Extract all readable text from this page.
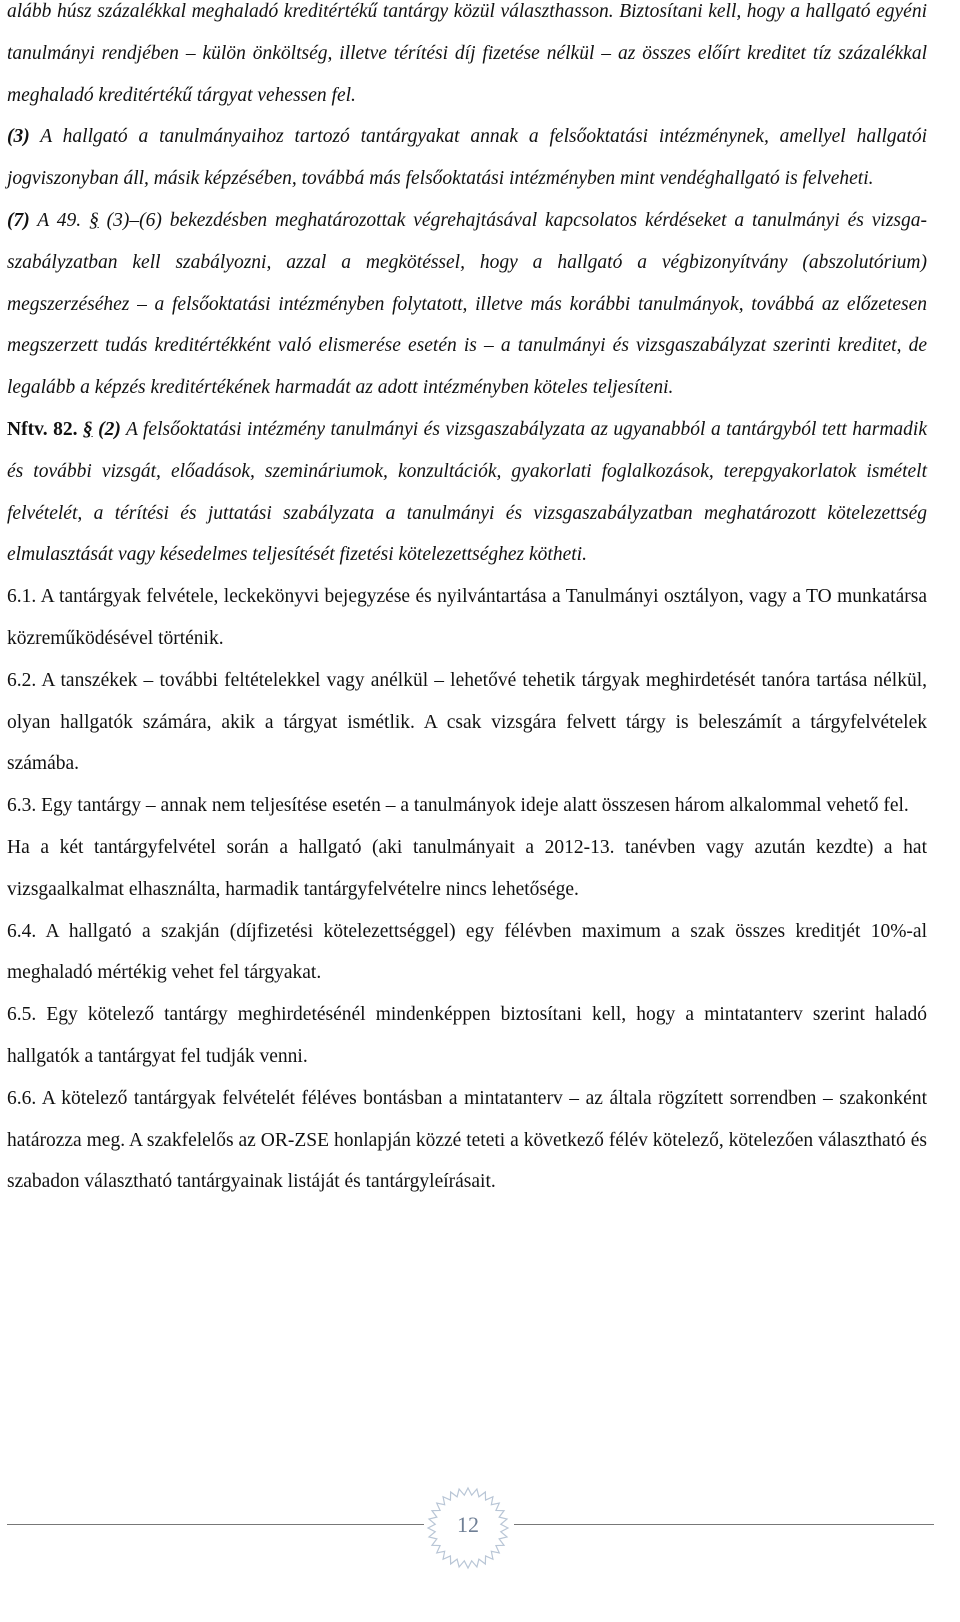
alább húsz százalékkal meghaladó kreditértékű tantárgy közül választhasson. Biztosítani kell, hogy a hallgató egyéni tanulmányi rendjében – külön önköltség, illetve térítési díj fizetése nélkül – az összes előírt kreditet tíz százalékkal meghaladó kreditértékű tárgyat vehessen fel.

(3) A hallgató a tanulmányaihoz tartozó tantárgyakat annak a felsőoktatási intézménynek, amellyel hallgatói jogviszonyban áll, másik képzésében, továbbá más felsőoktatási intézményben mint vendéghallgató is felveheti.

(7) A 49. § (3)–(6) bekezdésben meghatározottak végrehajtásával kapcsolatos kérdéseket a tanulmányi és vizsga-szabályzatban kell szabályozni, azzal a megkötéssel, hogy a hallgató a végbizonyítvány (abszolutórium) megszerzéséhez – a felsőoktatási intézményben folytatott, illetve más korábbi tanulmányok, továbbá az előzetesen megszerzett tudás kreditértékként való elismerése esetén is – a tanulmányi és vizsgaszabályzat szerinti kreditet, de legalább a képzés kreditértékének harmadát az adott intézményben köteles teljesíteni.

Nftv. 82. § (2) A felsőoktatási intézmény tanulmányi és vizsgaszabályzata az ugyanabból a tantárgyból tett harmadik és további vizsgát, előadások, szemináriumok, konzultációk, gyakorlati foglalkozások, terepgyakorlatok ismételt felvételét, a térítési és juttatási szabályzata a tanulmányi és vizsgaszabályzatban meghatározott kötelezettség elmulasztását vagy késedelmes teljesítését fizetési kötelezettséghez kötheti.

6.1. A tantárgyak felvétele, leckekönyvi bejegyzése és nyilvántartása a Tanulmányi osztályon, vagy a TO munkatársa közreműködésével történik.

6.2. A tanszékek – további feltételekkel vagy anélkül – lehetővé tehetik tárgyak meghirdetését tanóra tartása nélkül, olyan hallgatók számára, akik a tárgyat ismétlik. A csak vizsgára felvett tárgy is beleszámít a tárgyfelvételek számába.

6.3. Egy tantárgy – annak nem teljesítése esetén – a tanulmányok ideje alatt összesen három alkalommal vehető fel.

Ha a két tantárgyfelvétel során a hallgató (aki tanulmányait a 2012-13. tanévben vagy azután kezdte) a hat vizsgaalkalmat elhasználta, harmadik tantárgyfelvételre nincs lehetősége.

6.4. A hallgató a szakján (díjfizetési kötelezettséggel) egy félévben maximum a szak összes kreditjét 10%-al meghaladó mértékig vehet fel tárgyakat.

6.5. Egy kötelező tantárgy meghirdetésénél mindenképpen biztosítani kell, hogy a mintatanterv szerint haladó hallgatók a tantárgyat fel tudják venni.

6.6. A kötelező tantárgyak felvételét féléves bontásban a mintatanterv – az általa rögzített sorrendben – szakonként határozza meg. A szakfelelős az OR-ZSE honlapján közzé teteti a következő félév kötelező, kötelezően választható és szabadon választható tantárgyainak listáját és tantárgyleírásait.

12
